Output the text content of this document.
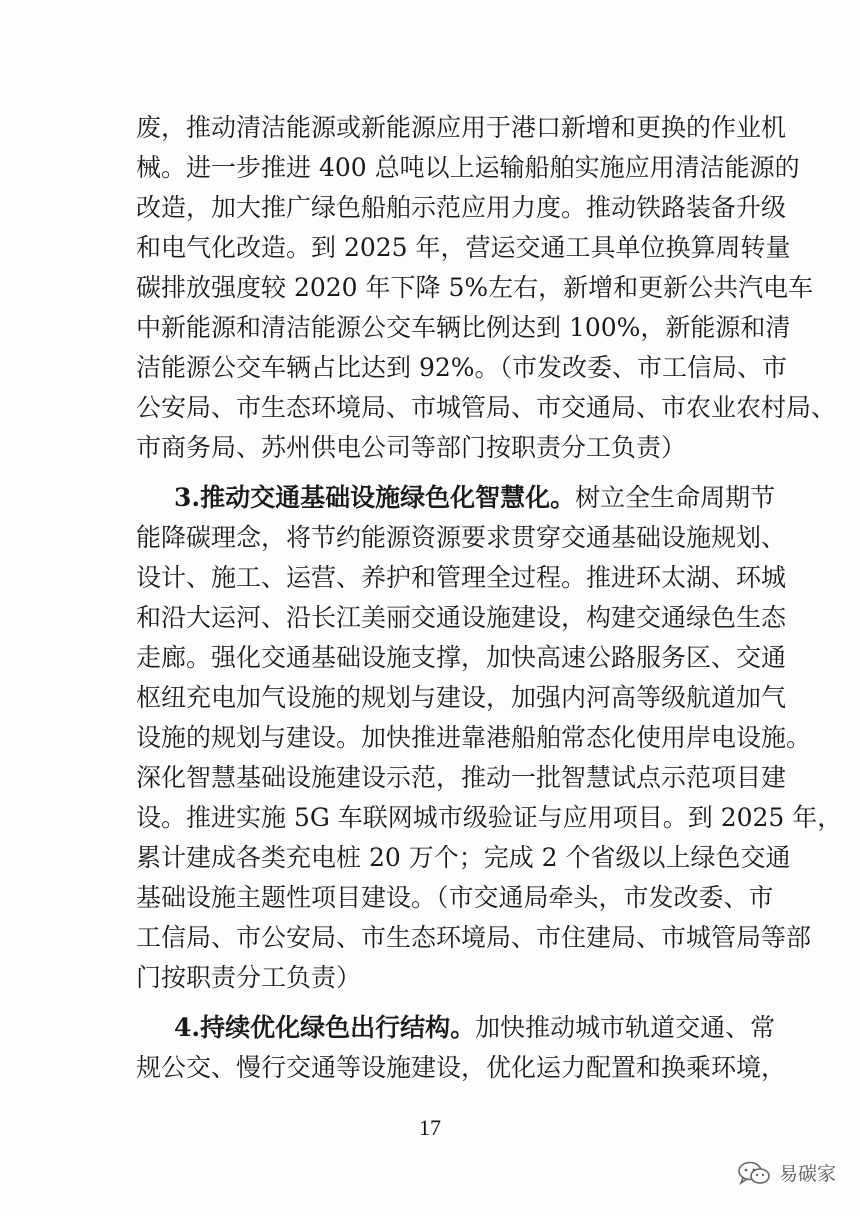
废，推动清洁能源或新能源应用于港口新增和更换的作业机
械。进一步推进 400 总吨以上运输船舶实施应用清洁能源的
改造，加大推广绿色船舶示范应用力度。推动铁路装备升级
和电气化改造。到 2025 年，营运交通工具单位换算周转量
碳排放强度较 2020 年下降 5%左右，新增和更新公共汽电车
中新能源和清洁能源公交车辆比例达到 100%，新能源和清
洁能源公交车辆占比达到 92%。（市发改委、市工信局、市
公安局、市生态环境局、市城管局、市交通局、市农业农村局、
市商务局、苏州供电公司等部门按职责分工负责）
3.推动交通基础设施绿色化智慧化。树立全生命周期节
能降碳理念，将节约能源资源要求贯穿交通基础设施规划、
设计、施工、运营、养护和管理全过程。推进环太湖、环城
和沿大运河、沿长江美丽交通设施建设，构建交通绿色生态
走廊。强化交通基础设施支撑，加快高速公路服务区、交通
枢纽充电加气设施的规划与建设，加强内河高等级航道加气
设施的规划与建设。加快推进靠港船舶常态化使用岸电设施。
深化智慧基础设施建设示范，推动一批智慧试点示范项目建
设。推进实施 5G 车联网城市级验证与应用项目。到 2025 年，
累计建成各类充电桩 20 万个；完成 2 个省级以上绿色交通
基础设施主题性项目建设。（市交通局牵头，市发改委、市
工信局、市公安局、市生态环境局、市住建局、市城管局等部
门按职责分工负责）
4.持续优化绿色出行结构。加快推动城市轨道交通、常
规公交、慢行交通等设施建设，优化运力配置和换乘环境，
17
易碳家
